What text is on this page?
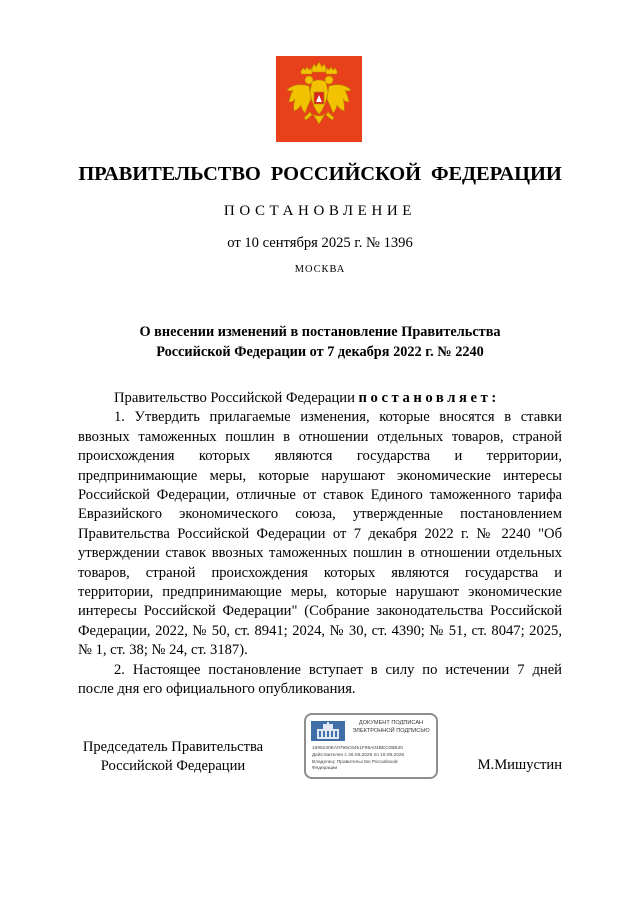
ПРАВИТЕЛЬСТВО РОССИЙСКОЙ ФЕДЕРАЦИИ
ПОСТАНОВЛЕНИЕ
от 10 сентября 2025 г. № 1396
МОСКВА
О внесении изменений в постановление Правительства
Российской Федерации от 7 декабря 2022 г. № 2240

Правительство Российской Федерации постановляет:

1. Утвердить прилагаемые изменения, которые вносятся в ставки ввозных таможенных пошлин в отношении отдельных товаров, страной происхождения которых являются государства и территории, предпринимающие меры, которые нарушают экономические интересы Российской Федерации, отличные от ставок Единого таможенного тарифа Евразийского экономического союза, утвержденные постановлением Правительства Российской Федерации от 7 декабря 2022 г. № 2240 "Об утверждении ставок ввозных таможенных пошлин в отношении отдельных товаров, страной происхождения которых являются государства и территории, предпринимающие меры, которые нарушают экономические интересы Российской Федерации" (Собрание законодательства Российской Федерации, 2022, № 50, ст. 8941; 2024, № 30, ст. 4390; № 51, ст. 8047; 2025, № 1, ст. 38; № 24, ст. 3187).

2. Настоящее постановление вступает в силу по истечении 7 дней после дня его официального опубликования.

Председатель Правительства
Российской Федерации
ДОКУМЕНТ ПОДПИСАН
ЭЛЕКТРОННОЙ ПОДПИСЬЮ
1696240EA0795C6451F98A04BEC0BB40
Действителен с 26.06.2025 по 19.09.2026
Владелец: Правительство Российской
Федерации	М.Мишустин
